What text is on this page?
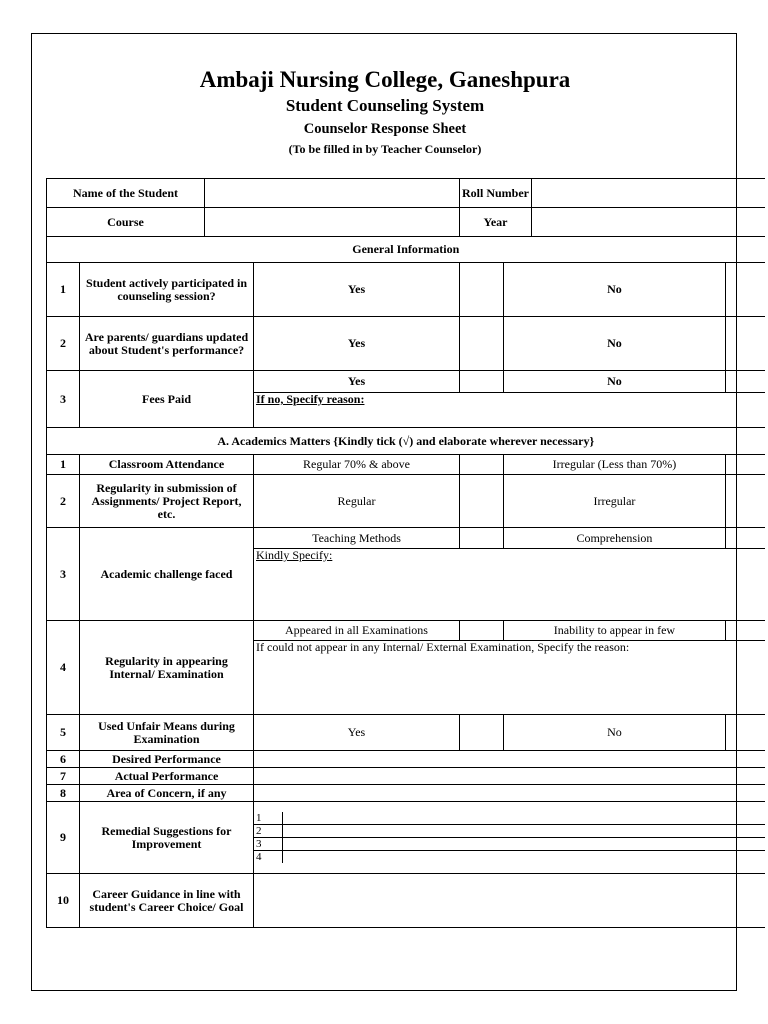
Ambaji Nursing College, Ganeshpura
Student Counseling System
Counselor Response Sheet
(To be filled in by Teacher Counselor)
Name of the Student		Roll Number	
Course		Year	
General Information
1	Student actively participated in counseling session?	Yes		No	
2	Are parents/ guardians updated about Student's performance?	Yes		No	
3	Fees Paid	Yes		No	
If no, Specify reason:
A. Academics Matters {Kindly tick (√) and elaborate wherever necessary}
1	Classroom Attendance	Regular 70% & above		Irregular (Less than 70%)	
2	Regularity in submission of Assignments/ Project Report, etc.	Regular		Irregular	
3	Academic challenge faced	Teaching Methods		Comprehension	
Kindly Specify:
4	Regularity in appearing Internal/ Examination	Appeared in all Examinations		Inability to appear in few	
If could not appear in any Internal/ External Examination, Specify the reason:
5	Used Unfair Means during Examination	Yes		No	
6	Desired Performance	
7	Actual Performance	
8	Area of Concern, if any	
9	Remedial Suggestions for Improvement	
1	
2	
3	
4	

10	Career Guidance in line with student's Career Choice/ Goal	
